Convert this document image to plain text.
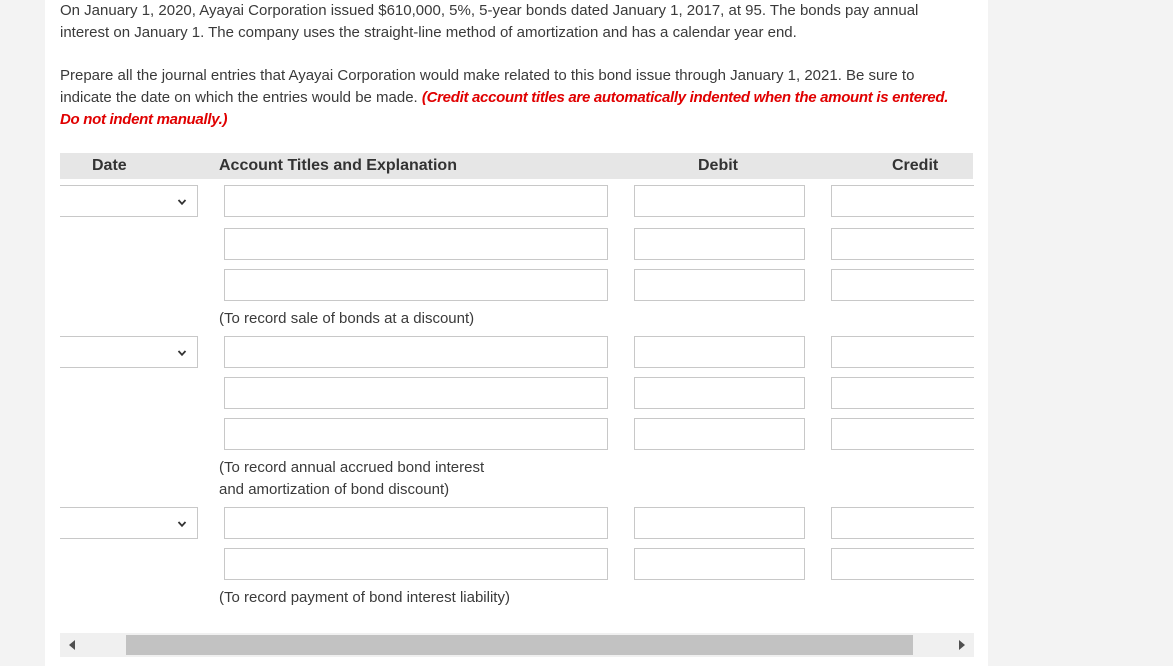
On January 1, 2020, Ayayai Corporation issued $610,000, 5%, 5-year bonds dated January 1, 2017, at 95. The bonds pay annual interest on January 1. The company uses the straight-line method of amortization and has a calendar year end.

Prepare all the journal entries that Ayayai Corporation would make related to this bond issue through January 1, 2021. Be sure to indicate the date on which the entries would be made. (Credit account titles are automatically indented when the amount is entered. Do not indent manually.)

Date	Account Titles and Explanation	Debit	Credit
(To record sale of bonds at a discount)
(To record annual accrued bond interest
and amortization of bond discount)
(To record payment of bond interest liability)
